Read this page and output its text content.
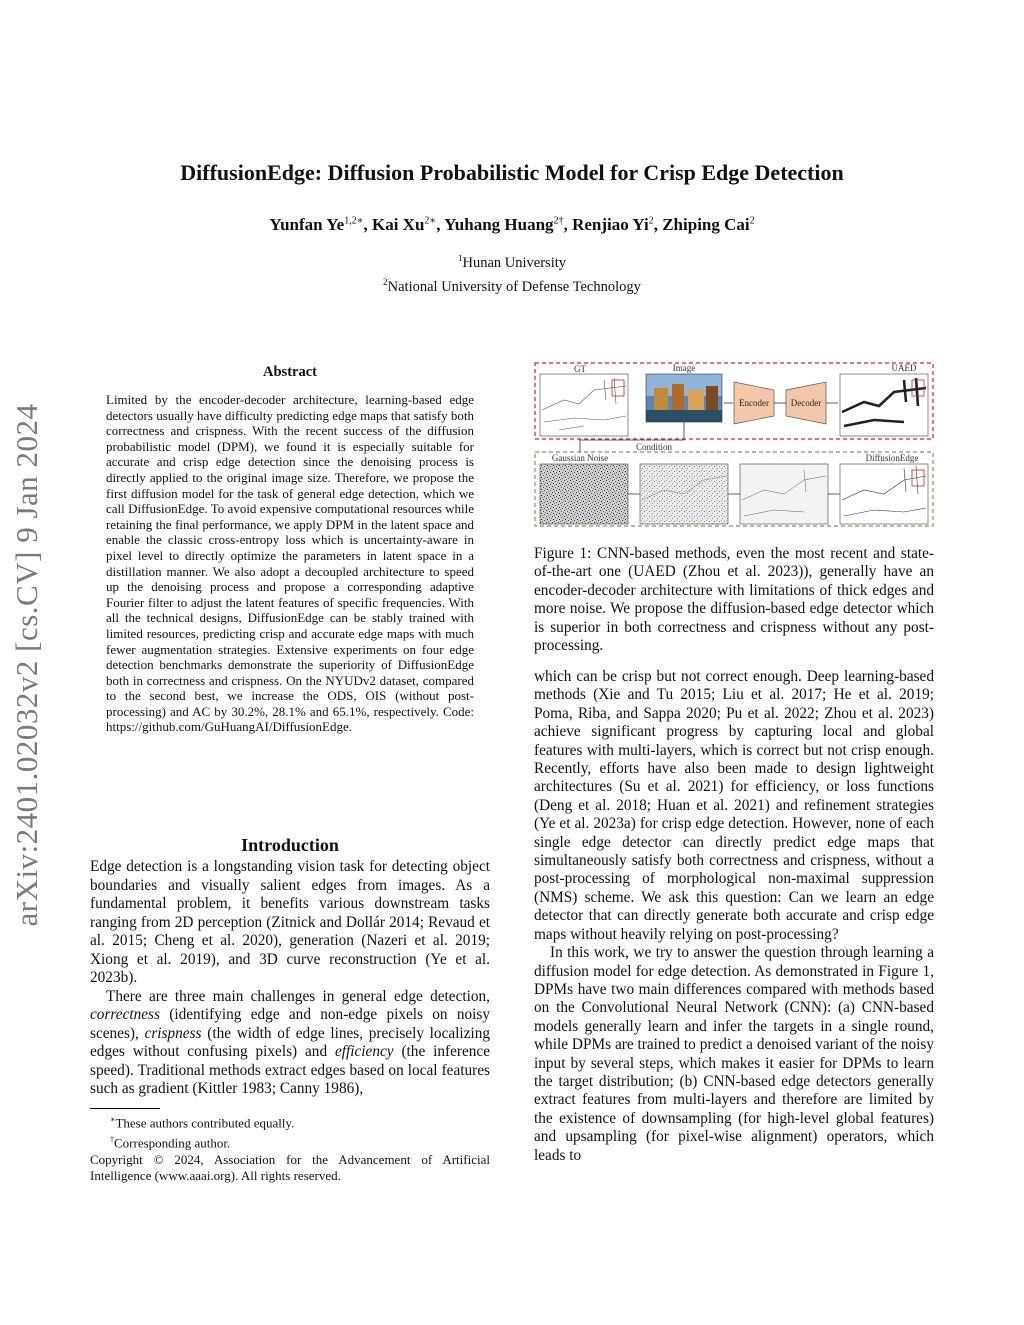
arXiv:2401.02032v2 [cs.CV] 9 Jan 2024
DiffusionEdge: Diffusion Probabilistic Model for Crisp Edge Detection
Yunfan $Ye^{1,2∗}$, Kai $Xu^{2∗}$, Yuhang Huang$^{2\dagger}$, Renjiao Yi$^2$, Zhiping Cai$^2$
$^1$Hunan University
$^2$National University of Defense Technology
Abstract
Limited by the encoder-decoder architecture, learning-based edge detectors usually have difficulty predicting edge maps that satisfy both correctness and crispness. With the recent success of the diffusion probabilistic model (DPM), we found it is especially suitable for accurate and crisp edge detection since the denoising process is directly applied to the original image size. Therefore, we propose the first diffusion model for the task of general edge detection, which we call DiffusionEdge. To avoid expensive computational resources while retaining the final performance, we apply DPM in the latent space and enable the classic cross-entropy loss which is uncertainty-aware in pixel level to directly optimize the parameters in latent space in a distillation manner. We also adopt a decoupled architecture to speed up the denoising process and propose a corresponding adaptive Fourier filter to adjust the latent features of specific frequencies. With all the technical designs, DiffusionEdge can be stably trained with limited resources, predicting crisp and accurate edge maps with much fewer augmentation strategies. Extensive experiments on four edge detection benchmarks demonstrate the superiority of DiffusionEdge both in correctness and crispness. On the NYUDv2 dataset, compared to the second best, we increase the ODS, OIS (without post-processing) and AC by 30.2%, 28.1% and 65.1%, respectively. Code: https://github.com/GuHuangAI/DiffusionEdge.
Introduction

Edge detection is a longstanding vision task for detecting object boundaries and visually salient edges from images. As a fundamental problem, it benefits various downstream tasks ranging from 2D perception (Zitnick and Dollár 2014; Revaud et al. 2015; Cheng et al. 2020), generation (Nazeri et al. 2019; Xiong et al. 2019), and 3D curve reconstruction (Ye et al. 2023b).

There are three main challenges in general edge detection, correctness (identifying edge and non-edge pixels on noisy scenes), crispness (the width of edge lines, precisely localizing edges without confusing pixels) and efficiency (the inference speed). Traditional methods extract edges based on local features such as gradient (Kittler 1983; Canny 1986),

∗These authors contributed equally.
†Corresponding author.
Copyright © 2024, Association for the Advancement of Artificial Intelligence (www.aaai.org). All rights reserved.
GT	Image
Encoder Decoder
UAED
Condition
Gaussian Noise	DiffusionEdge
Figure 1: CNN-based methods, even the most recent and state-of-the-art one (UAED (Zhou et al. 2023)), generally have an encoder-decoder architecture with limitations of thick edges and more noise. We propose the diffusion-based edge detector which is superior in both correctness and crispness without any post-processing.

which can be crisp but not correct enough. Deep learning-based methods (Xie and Tu 2015; Liu et al. 2017; He et al. 2019; Poma, Riba, and Sappa 2020; Pu et al. 2022; Zhou et al. 2023) achieve significant progress by capturing local and global features with multi-layers, which is correct but not crisp enough. Recently, efforts have also been made to design lightweight architectures (Su et al. 2021) for efficiency, or loss functions (Deng et al. 2018; Huan et al. 2021) and refinement strategies (Ye et al. 2023a) for crisp edge detection. However, none of each single edge detector can directly predict edge maps that simultaneously satisfy both correctness and crispness, without a post-processing of morphological non-maximal suppression (NMS) scheme. We ask this question: Can we learn an edge detector that can directly generate both accurate and crisp edge maps without heavily relying on post-processing?

In this work, we try to answer the question through learning a diffusion model for edge detection. As demonstrated in Figure 1, DPMs have two main differences compared with methods based on the Convolutional Neural Network (CNN): (a) CNN-based models generally learn and infer the targets in a single round, while DPMs are trained to predict a denoised variant of the noisy input by several steps, which makes it easier for DPMs to learn the target distribution; (b) CNN-based edge detectors generally extract features from multi-layers and therefore are limited by the existence of downsampling (for high-level global features) and upsampling (for pixel-wise alignment) operators, which leads to
